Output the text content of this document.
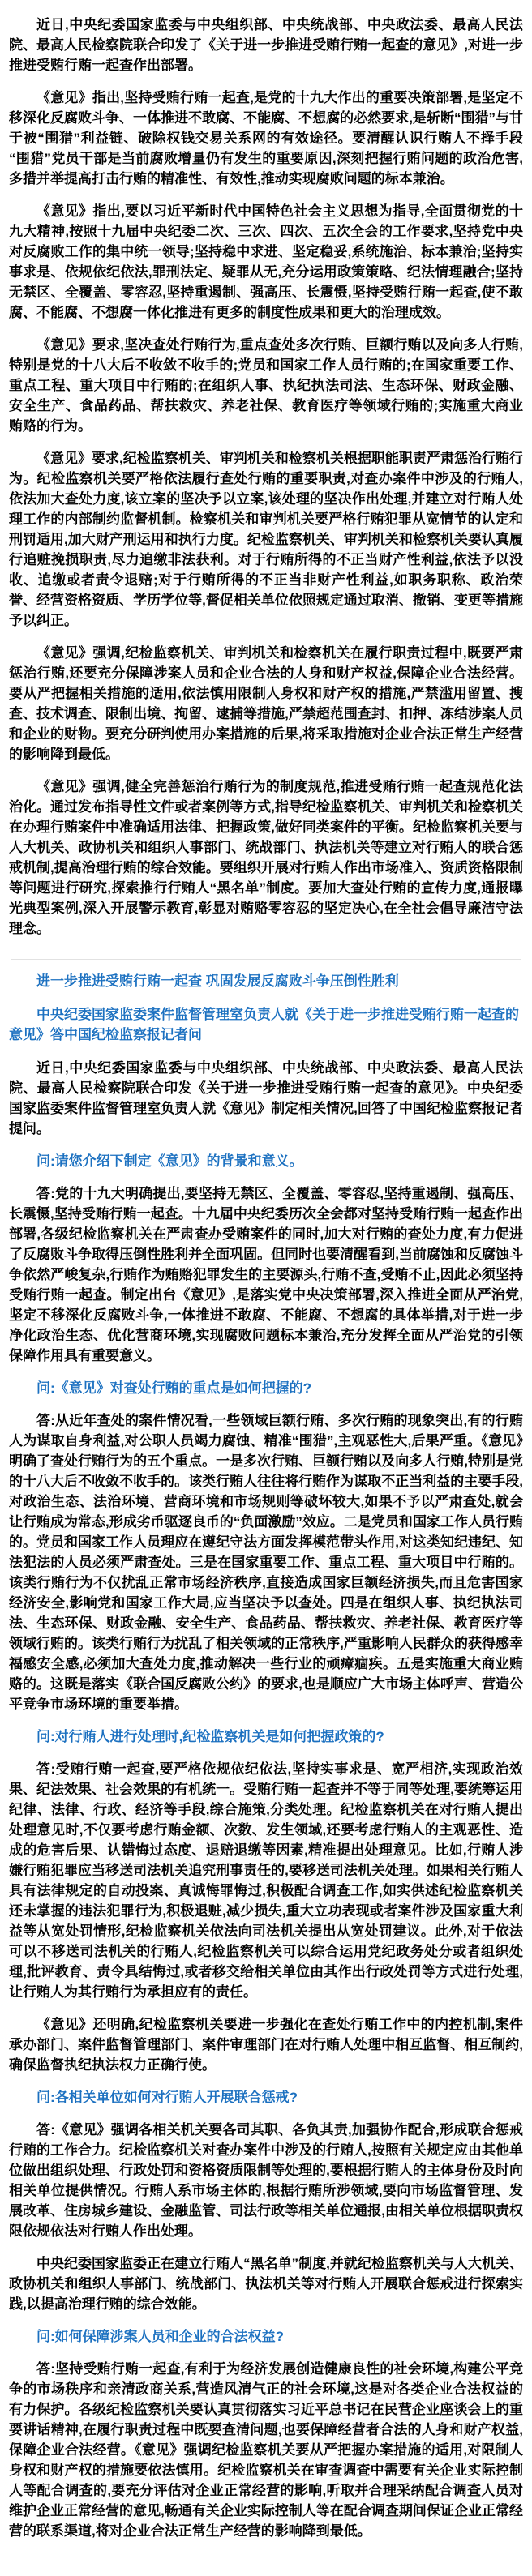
近日,中央纪委国家监委与中央组织部、中央统战部、中央政法委、最高人民法院、最高人民检察院联合印发了《关于进一步推进受贿行贿一起查的意见》,对进一步推进受贿行贿一起查作出部署。

《意见》指出,坚持受贿行贿一起查,是党的十九大作出的重要决策部署,是坚定不移深化反腐败斗争、一体推进不敢腐、不能腐、不想腐的必然要求,是斩断“围猎”与甘于被“围猎”利益链、破除权钱交易关系网的有效途径。要清醒认识行贿人不择手段“围猎”党员干部是当前腐败增量仍有发生的重要原因,深刻把握行贿问题的政治危害,多措并举提高打击行贿的精准性、有效性,推动实现腐败问题的标本兼治。

《意见》指出,要以习近平新时代中国特色社会主义思想为指导,全面贯彻党的十九大精神,按照十九届中央纪委二次、三次、四次、五次全会的工作要求,坚持党中央对反腐败工作的集中统一领导;坚持稳中求进、坚定稳妥,系统施治、标本兼治;坚持实事求是、依规依纪依法,罪刑法定、疑罪从无,充分运用政策策略、纪法情理融合;坚持无禁区、全覆盖、零容忍,坚持重遏制、强高压、长震慑,坚持受贿行贿一起查,使不敢腐、不能腐、不想腐一体化推进有更多的制度性成果和更大的治理成效。

《意见》要求,坚决查处行贿行为,重点查处多次行贿、巨额行贿以及向多人行贿,特别是党的十八大后不收敛不收手的;党员和国家工作人员行贿的;在国家重要工作、重点工程、重大项目中行贿的;在组织人事、执纪执法司法、生态环保、财政金融、安全生产、食品药品、帮扶救灾、养老社保、教育医疗等领域行贿的;实施重大商业贿赂的行为。

《意见》要求,纪检监察机关、审判机关和检察机关根据职能职责严肃惩治行贿行为。纪检监察机关要严格依法履行查处行贿的重要职责,对查办案件中涉及的行贿人,依法加大查处力度,该立案的坚决予以立案,该处理的坚决作出处理,并建立对行贿人处理工作的内部制约监督机制。检察机关和审判机关要严格行贿犯罪从宽情节的认定和刑罚适用,加大财产刑运用和执行力度。纪检监察机关、审判机关和检察机关要认真履行追赃挽损职责,尽力追缴非法获利。对于行贿所得的不正当财产性利益,依法予以没收、追缴或者责令退赔;对于行贿所得的不正当非财产性利益,如职务职称、政治荣誉、经营资格资质、学历学位等,督促相关单位依照规定通过取消、撤销、变更等措施予以纠正。

《意见》强调,纪检监察机关、审判机关和检察机关在履行职责过程中,既要严肃惩治行贿,还要充分保障涉案人员和企业合法的人身和财产权益,保障企业合法经营。要从严把握相关措施的适用,依法慎用限制人身权和财产权的措施,严禁滥用留置、搜查、技术调查、限制出境、拘留、逮捕等措施,严禁超范围查封、扣押、冻结涉案人员和企业的财物。要充分研判使用办案措施的后果,将采取措施对企业合法正常生产经营的影响降到最低。

《意见》强调,健全完善惩治行贿行为的制度规范,推进受贿行贿一起查规范化法治化。通过发布指导性文件或者案例等方式,指导纪检监察机关、审判机关和检察机关在办理行贿案件中准确适用法律、把握政策,做好同类案件的平衡。纪检监察机关要与人大机关、政协机关和组织人事部门、统战部门、执法机关等建立对行贿人的联合惩戒机制,提高治理行贿的综合效能。要组织开展对行贿人作出市场准入、资质资格限制等问题进行研究,探索推行行贿人“黑名单”制度。要加大查处行贿的宣传力度,通报曝光典型案例,深入开展警示教育,彰显对贿赂零容忍的坚定决心,在全社会倡导廉洁守法理念。

进一步推进受贿行贿一起查 巩固发展反腐败斗争压倒性胜利

中央纪委国家监委案件监督管理室负责人就《关于进一步推进受贿行贿一起查的意见》答中国纪检监察报记者问

近日,中央纪委国家监委与中央组织部、中央统战部、中央政法委、最高人民法院、最高人民检察院联合印发《关于进一步推进受贿行贿一起查的意见》。中央纪委国家监委案件监督管理室负责人就《意见》制定相关情况,回答了中国纪检监察报记者提问。

问:请您介绍下制定《意见》的背景和意义。

答:党的十九大明确提出,要坚持无禁区、全覆盖、零容忍,坚持重遏制、强高压、长震慑,坚持受贿行贿一起查。十九届中央纪委历次全会都对坚持受贿行贿一起查作出部署,各级纪检监察机关在严肃查办受贿案件的同时,加大对行贿的查处力度,有力促进了反腐败斗争取得压倒性胜利并全面巩固。但同时也要清醒看到,当前腐蚀和反腐蚀斗争依然严峻复杂,行贿作为贿赂犯罪发生的主要源头,行贿不查,受贿不止,因此必须坚持受贿行贿一起查。制定出台《意见》,是落实党中央决策部署,深入推进全面从严治党,坚定不移深化反腐败斗争,一体推进不敢腐、不能腐、不想腐的具体举措,对于进一步净化政治生态、优化营商环境,实现腐败问题标本兼治,充分发挥全面从严治党的引领保障作用具有重要意义。

问:《意见》对查处行贿的重点是如何把握的?

答:从近年查处的案件情况看,一些领域巨额行贿、多次行贿的现象突出,有的行贿人为谋取自身利益,对公职人员竭力腐蚀、精准“围猎”,主观恶性大,后果严重。《意见》明确了查处行贿行为的五个重点。一是多次行贿、巨额行贿以及向多人行贿,特别是党的十八大后不收敛不收手的。该类行贿人往往将行贿作为谋取不正当利益的主要手段,对政治生态、法治环境、营商环境和市场规则等破坏较大,如果不予以严肃查处,就会让行贿成为常态,形成劣币驱逐良币的“负面激励”效应。二是党员和国家工作人员行贿的。党员和国家工作人员理应在遵纪守法方面发挥模范带头作用,对这类知纪违纪、知法犯法的人员必须严肃查处。三是在国家重要工作、重点工程、重大项目中行贿的。该类行贿行为不仅扰乱正常市场经济秩序,直接造成国家巨额经济损失,而且危害国家经济安全,影响党和国家工作大局,应当坚决予以查处。四是在组织人事、执纪执法司法、生态环保、财政金融、安全生产、食品药品、帮扶救灾、养老社保、教育医疗等领域行贿的。该类行贿行为扰乱了相关领域的正常秩序,严重影响人民群众的获得感幸福感安全感,必须加大查处力度,推动解决一些行业的顽瘴痼疾。五是实施重大商业贿赂的。这既是落实《联合国反腐败公约》的要求,也是顺应广大市场主体呼声、营造公平竞争市场环境的重要举措。

问:对行贿人进行处理时,纪检监察机关是如何把握政策的?

答:受贿行贿一起查,要严格依规依纪依法,坚持实事求是、宽严相济,实现政治效果、纪法效果、社会效果的有机统一。受贿行贿一起查并不等于同等处理,要统筹运用纪律、法律、行政、经济等手段,综合施策,分类处理。纪检监察机关在对行贿人提出处理意见时,不仅要考虑行贿金额、次数、发生领域,还要考虑行贿人的主观恶性、造成的危害后果、认错悔过态度、退赔退缴等因素,精准提出处理意见。比如,行贿人涉嫌行贿犯罪应当移送司法机关追究刑事责任的,要移送司法机关处理。如果相关行贿人具有法律规定的自动投案、真诚悔罪悔过,积极配合调查工作,如实供述纪检监察机关还未掌握的违法犯罪行为,积极退赃,减少损失,重大立功表现或者案件涉及国家重大利益等从宽处罚情形,纪检监察机关依法向司法机关提出从宽处罚建议。此外,对于依法可以不移送司法机关的行贿人,纪检监察机关可以综合运用党纪政务处分或者组织处理,批评教育、责令具结悔过,或者移交给相关单位由其作出行政处罚等方式进行处理,让行贿人为其行贿行为承担应有的责任。

《意见》还明确,纪检监察机关要进一步强化在查处行贿工作中的内控机制,案件承办部门、案件监督管理部门、案件审理部门在对行贿人处理中相互监督、相互制约,确保监督执纪执法权力正确行使。

问:各相关单位如何对行贿人开展联合惩戒?

答:《意见》强调各相关机关要各司其职、各负其责,加强协作配合,形成联合惩戒行贿的工作合力。纪检监察机关对查办案件中涉及的行贿人,按照有关规定应由其他单位做出组织处理、行政处罚和资格资质限制等处理的,要根据行贿人的主体身份及时向相关单位提供情况。行贿人系市场主体的,根据行贿所涉领域,要向市场监督管理、发展改革、住房城乡建设、金融监管、司法行政等相关单位通报,由相关单位根据职责权限依规依法对行贿人作出处理。

中央纪委国家监委正在建立行贿人“黑名单”制度,并就纪检监察机关与人大机关、政协机关和组织人事部门、统战部门、执法机关等对行贿人开展联合惩戒进行探索实践,以提高治理行贿的综合效能。

问:如何保障涉案人员和企业的合法权益?

答:坚持受贿行贿一起查,有利于为经济发展创造健康良性的社会环境,构建公平竞争的市场秩序和亲清政商关系,营造风清气正的社会环境,这是对各类企业合法权益的有力保护。各级纪检监察机关要认真贯彻落实习近平总书记在民营企业座谈会上的重要讲话精神,在履行职责过程中既要查清问题,也要保障经营者合法的人身和财产权益,保障企业合法经营。《意见》强调纪检监察机关要从严把握办案措施的适用,对限制人身权和财产权的措施要依法慎用。纪检监察机关在审查调查中需要有关企业实际控制人等配合调查的,要充分评估对企业正常经营的影响,听取并合理采纳配合调查人员对维护企业正常经营的意见,畅通有关企业实际控制人等在配合调查期间保证企业正常经营的联系渠道,将对企业合法正常生产经营的影响降到最低。
